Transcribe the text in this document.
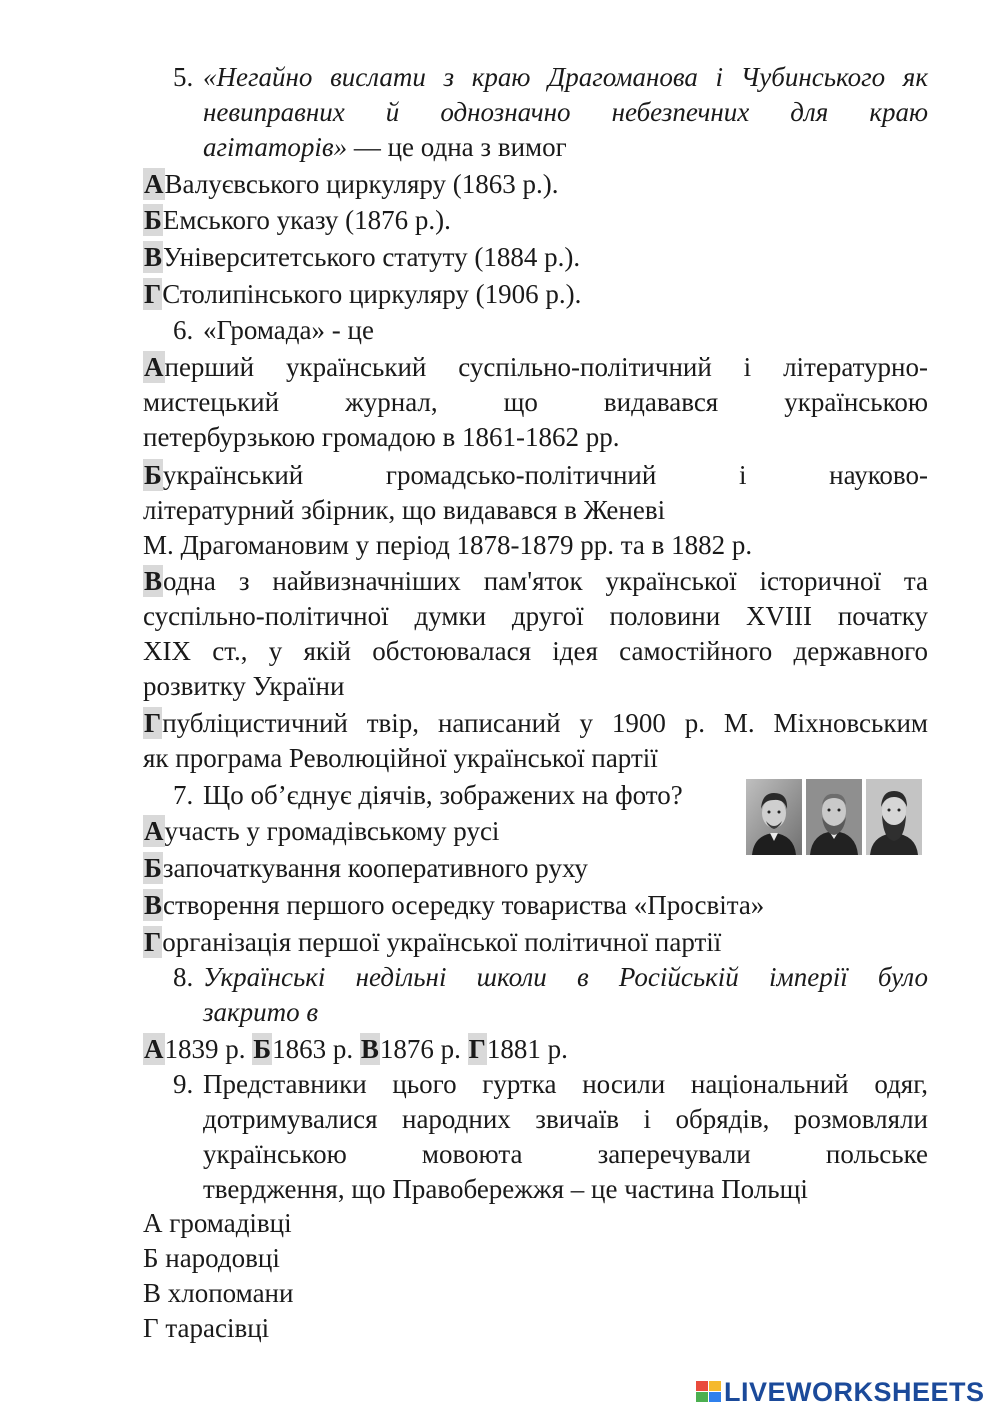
5. «Негайно вислати з краю Драгоманова і Чубинського як
невиправних й однозначно небезпечних для краю
агітаторів» — це одна з вимог
АВалуєвського циркуляру (1863 р.).
БЕмського указу (1876 р.).
ВУніверситетського статуту (1884 р.).
ГСтолипінського циркуляру (1906 р.).
6. «Громада» - це
Аперший український суспільно-політичний і літературно-
мистецький журнал, що видавався українською
петербурзькою громадою в 1861-1862 рр.
Букраїнський громадсько-політичний і науково-
літературний збірник, що видавався в Женеві
М. Драгомановим у період 1878-1879 рр. та в 1882 р.
Водна з найвизначніших пам'яток української історичної та
суспільно-політичної думки другої половини XVIII початку
XIX ст., у якій обстоювалася ідея самостійного державного
розвитку України
Гпубліцистичний твір, написаний у 1900 р. М. Міхновським
як програма Революційної української партії
7. Що об’єднує діячів, зображених на фото?
Аучасть у громадівському русі
Бзапочаткування кооперативного руху
Встворення першого осередку товариства «Просвіта»
Горганізація першої української політичної партії
8. Українські недільні школи в Російській імперії було
закрито в
А1839 р. Б1863 р. В1876 р. Г1881 р.
9. Представники цього гуртка носили національний одяг,
дотримувалися народних звичаїв і обрядів, розмовляли
українською мовоюта заперечували польське
твердження, що Правобережжя – це частина Польщі
А громадівці
Б народовці
В хлопомани
Г тарасівці
LIVEWORKSHEETS
